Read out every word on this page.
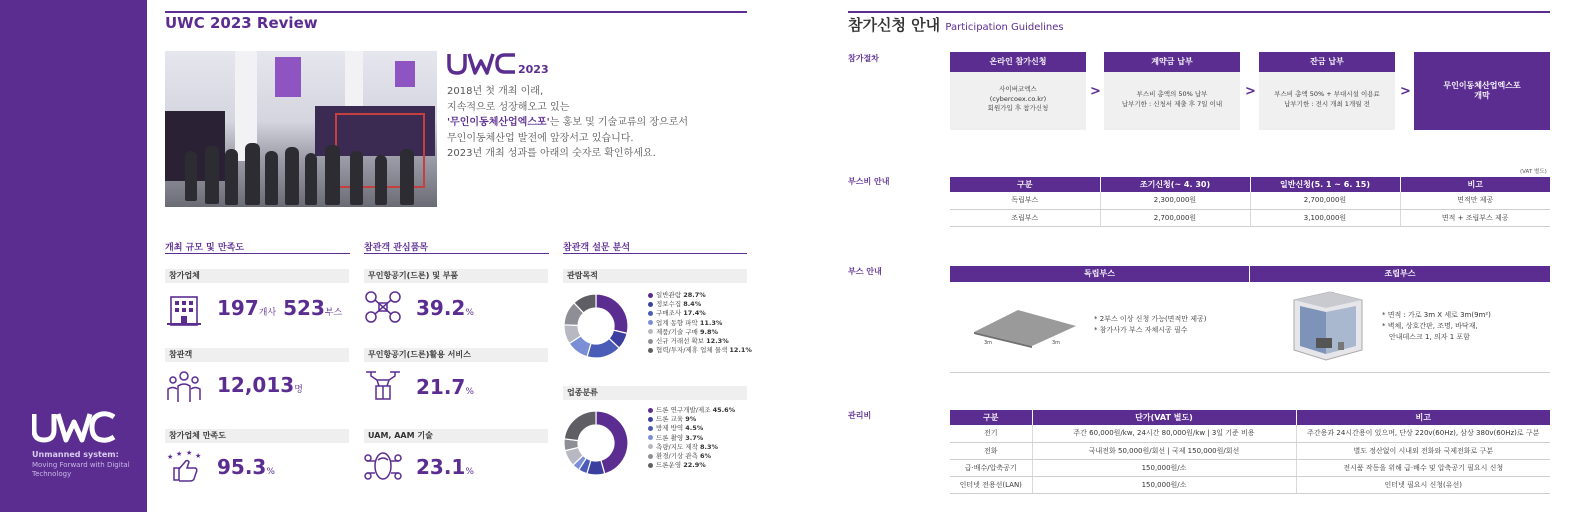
Unmanned system:
Moving Forward with Digital Technology
UWC 2023 Review
2023
2018년 첫 개최 이래,
지속적으로 성장해오고 있는
'무인이동체산업엑스포'는 홍보 및 기술교류의 장으로서
무인이동체산업 발전에 앞장서고 있습니다.
2023년 개최 성과를 아래의 숫자로 확인하세요.
개최 규모 및 만족도
참가업체
197개사 523부스
참관객
12,013명
참가업체 만족도
★ ★ ★ ★ 95.3%
참관객 관심품목
무인항공기(드론) 및 부품
39.2%
무인항공기(드론)활용 서비스
21.7%
UAM, AAM 기술
23.1%
참관객 설문 분석
관람목적
일반관람 28.7%
정보수집 8.4%
구매조사 17.4%
업계 동향 파악 11.3%
제품/기술 구매 9.8%
신규 거래선 확보 12.3%
협력/투자/제휴 업체 물색 12.1%
업종분류
드론 연구개발/제조 45.6%
드론 교육 9%
방제 방역 4.5%
드론 촬영 3.7%
측량/지도 제작 8.3%
환경/기상 관측 6%
드론운영 22.9%
참가신청 안내 Participation Guidelines
참가절차	온라인 참가신청
사이버코엑스
(cybercoex.co.kr)
회원가입 후 참가신청
>
계약금 납부
부스비 총액의 50% 납부
납부기한 : 신청서 제출 후 7일 이내
>
잔금 납부
부스비 총액 50% + 부대시설 이용료
납부기한 : 전시 개최 1개월 전
>	무인이동체산업엑스포
개막
부스비 안내
(VAT 별도)
구분	조기신청(~ 4. 30)	일반신청(5. 1 ~ 6. 15)	비고
독립부스	2,300,000원	2,700,000원	면적만 제공
조립부스	2,700,000원	3,100,000원	면적 + 조립부스 제공
부스 안내	독립부스	조립부스
3m	3m
* 2부스 이상 신청 가능(면적만 제공)
* 참가사가 부스 자체시공 필수
* 면적 : 가로 3m X 세로 3m(9m²)
* 벽체, 상호간판, 조명, 바닥재,
안내데스크 1, 의자 1 포함
관리비	구분	단가(VAT 별도)	비고
전기	주간 60,000원/kw, 24시간 80,000원/kw | 3일 기준 비용	주간용과 24시간용이 있으며, 단상 220v(60Hz), 삼상 380v(60Hz)로 구분
전화	국내전화 50,000원/회선 | 국제 150,000원/회선	별도 정산없이 시내외 전화와 국제전화로 구분
급·배수/압축공기	150,000원/소	전시품 작동을 위해 급·배수 및 압축공기 필요시 신청
인터넷 전용선(LAN)	150,000원/소	인터넷 필요시 신청(유선)
